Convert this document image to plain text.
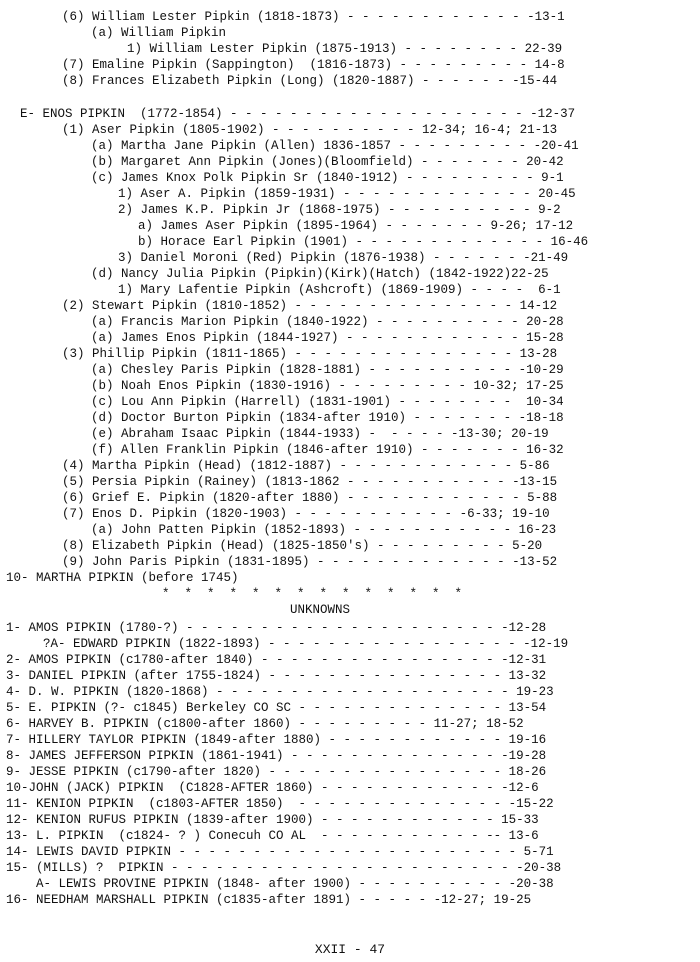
(6) William Lester Pipkin (1818-1873) - - - - - - - - - - - - -13-1
(a) William Pipkin
1) William Lester Pipkin (1875-1913) - - - - - - - - 22-39
(7) Emaline Pipkin (Sappington)  (1816-1873) - - - - - - - - - 14-8
(8) Frances Elizabeth Pipkin (Long) (1820-1887) - - - - - - -15-44
E- ENOS PIPKIN  (1772-1854) - - - - - - - - - - - - - - - - - - - - -12-37
(1) Aser Pipkin (1805-1902) - - - - - - - - - - 12-34; 16-4; 21-13
(a) Martha Jane Pipkin (Allen) 1836-1857 - - - - - - - - - -20-41
(b) Margaret Ann Pipkin (Jones)(Bloomfield) - - - - - - - 20-42
(c) James Knox Polk Pipkin Sr (1840-1912) - - - - - - - - - 9-1
1) Aser A. Pipkin (1859-1931) - - - - - - - - - - - - - 20-45
2) James K.P. Pipkin Jr (1868-1975) - - - - - - - - - - 9-2
a) James Aser Pipkin (1895-1964) - - - - - - - 9-26; 17-12
b) Horace Earl Pipkin (1901) - - - - - - - - - - - - - 16-46
3) Daniel Moroni (Red) Pipkin (1876-1938) - - - - - - -21-49
(d) Nancy Julia Pipkin (Pipkin)(Kirk)(Hatch) (1842-1922)22-25
1) Mary Lafentie Pipkin (Ashcroft) (1869-1909) - - - -  6-1
(2) Stewart Pipkin (1810-1852) - - - - - - - - - - - - - - - 14-12
(a) Francis Marion Pipkin (1840-1922) - - - - - - - - - - 20-28
(a) James Enos Pipkin (1844-1927) - - - - - - - - - - - - 15-28
(3) Phillip Pipkin (1811-1865) - - - - - - - - - - - - - - - 13-28
(a) Chesley Paris Pipkin (1828-1881) - - - - - - - - - - -10-29
(b) Noah Enos Pipkin (1830-1916) - - - - - - - - - 10-32; 17-25
(c) Lou Ann Pipkin (Harrell) (1831-1901) - - - - - - - -  10-34
(d) Doctor Burton Pipkin (1834-after 1910) - - - - - - - -18-18
(e) Abraham Isaac Pipkin (1844-1933) -  - - - - -13-30; 20-19
(f) Allen Franklin Pipkin (1846-after 1910) - - - - - - - 16-32
(4) Martha Pipkin (Head) (1812-1887) - - - - - - - - - - - - 5-86
(5) Persia Pipkin (Rainey) (1813-1862 - - - - - - - - - - - -13-15
(6) Grief E. Pipkin (1820-after 1880) - - - - - - - - - - - - 5-88
(7) Enos D. Pipkin (1820-1903) - - - - - - - - - - - -6-33; 19-10
(a) John Patten Pipkin (1852-1893) - - - - - - - - - - - 16-23
(8) Elizabeth Pipkin (Head) (1825-1850's) - - - - - - - - - 5-20
(9) John Paris Pipkin (1831-1895) - - - - - - - - - - - - - -13-52
10- MARTHA PIPKIN (before 1745)
*  *  *  *  *  *  *  *  *  *  *  *  *  *
UNKNOWNS
1- AMOS PIPKIN (1780-?) - - - - - - - - - - - - - - - - - - - - - -12-28
?A- EDWARD PIPKIN (1822-1893) - - - - - - - - - - - - - - - - - -12-19
2- AMOS PIPKIN (c1780-after 1840) - - - - - - - - - - - - - - - - -12-31
3- DANIEL PIPKIN (after 1755-1824) - - - - - - - - - - - - - - - - 13-32
4- D. W. PIPKIN (1820-1868) - - - - - - - - - - - - - - - - - - - - 19-23
5- E. PIPKIN (?- c1845) Berkeley CO SC - - - - - - - - - - - - - - 13-54
6- HARVEY B. PIPKIN (c1800-after 1860) - - - - - - - - - 11-27; 18-52
7- HILLERY TAYLOR PIPKIN (1849-after 1880) - - - - - - - - - - - - 19-16
8- JAMES JEFFERSON PIPKIN (1861-1941) - - - - - - - - - - - - - - -19-28
9- JESSE PIPKIN (c1790-after 1820) - - - - - - - - - - - - - - - - 18-26
10-JOHN (JACK) PIPKIN  (C1828-AFTER 1860) - - - - - - - - - - - - -12-6
11- KENION PIPKIN  (c1803-AFTER 1850)  - - - - - - - - - - - - - - -15-22
12- KENION RUFUS PIPKIN (1839-after 1900) - - - - - - - - - - - - 15-33
13- L. PIPKIN  (c1824- ? ) Conecuh CO AL  - - - - - - - - - - - -- 13-6
14- LEWIS DAVID PIPKIN - - - - - - - - - - - - - - - - - - - - - - - 5-71
15- (MILLS) ?  PIPKIN - - - - - - - - - - - - - - - - - - - - - - - -20-38
A- LEWIS PROVINE PIPKIN (1848- after 1900) - - - - - - - - - - -20-38
16- NEEDHAM MARSHALL PIPKIN (c1835-after 1891) - - - - - -12-27; 19-25
XXII - 47
